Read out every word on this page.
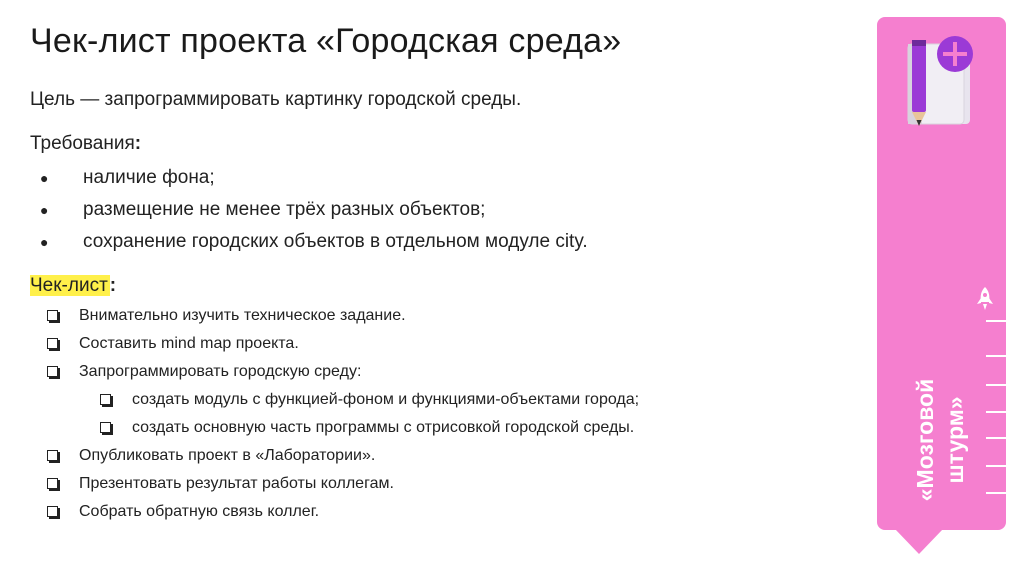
Чек-лист проекта «Городская среда»
Цель — запрограммировать картинку городской среды.
Требования:
● наличие фона;
● размещение не менее трёх разных объектов;
● сохранение городских объектов в отдельном модуле city.
Чек-лист :
Внимательно изучить техническое задание.
Составить mind map проекта.
Запрограммировать городскую среду:
создать модуль с функцией-фоном и функциями-объектами города;
создать основную часть программы с отрисовкой городской среды.
Опубликовать проект в «Лаборатории».
Презентовать результат работы коллегам.
Собрать обратную связь коллег.
«Мозговой штурм»
